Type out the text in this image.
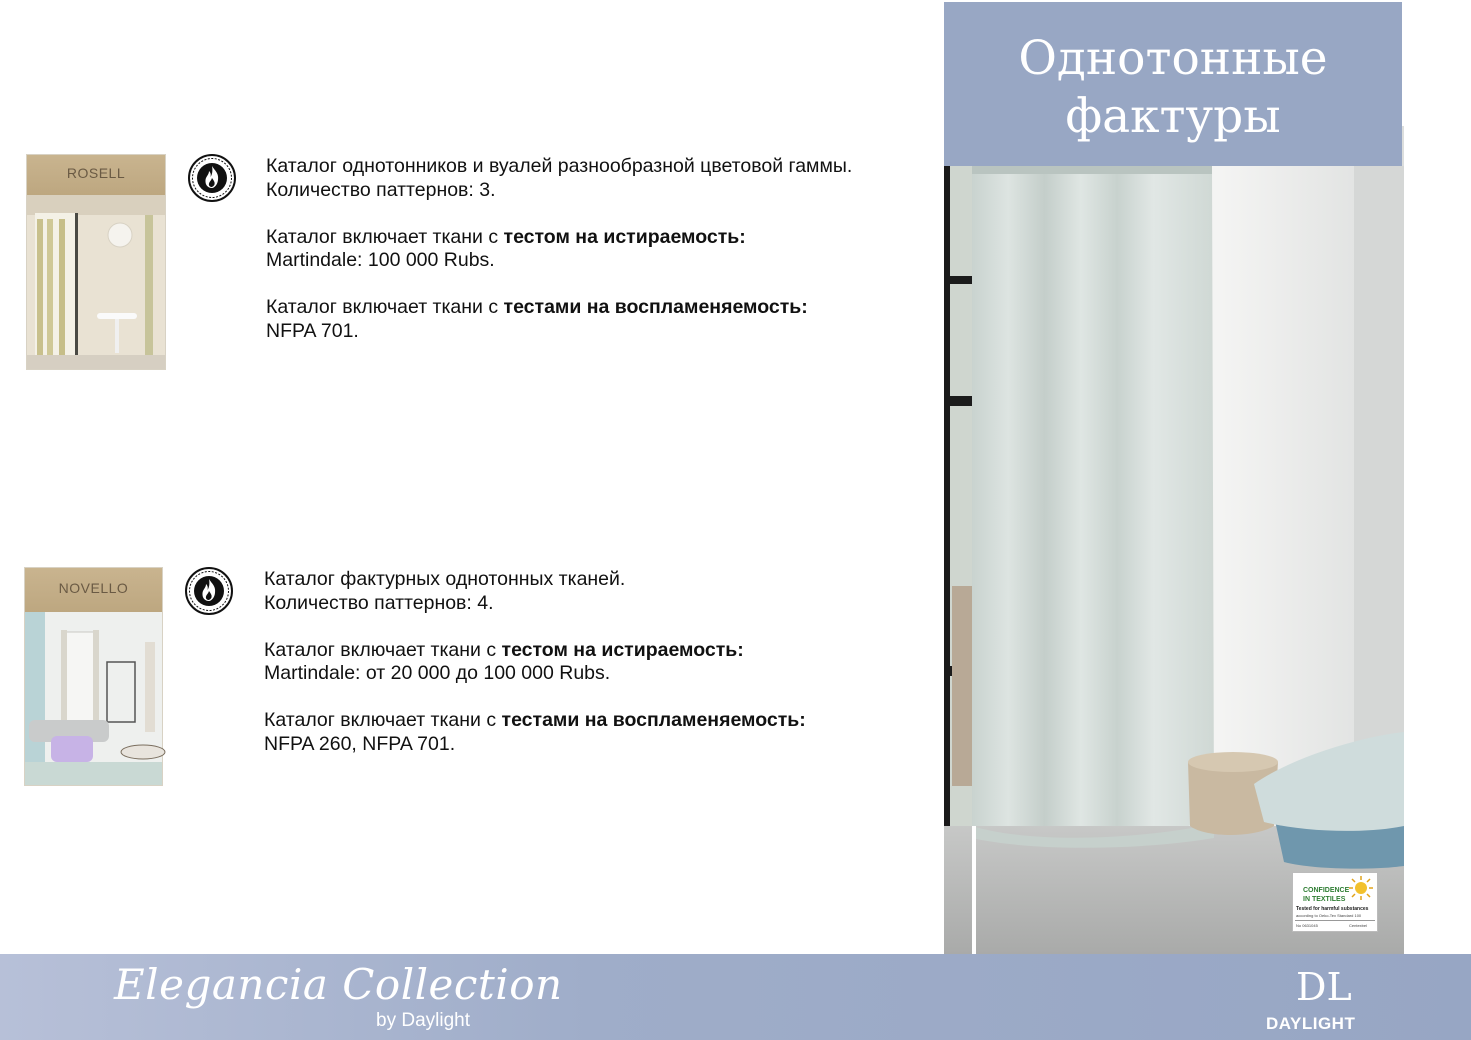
ROSELL	Каталог однотонников и вуалей разнообразной цветовой гаммы.

Количество паттернов: 3.

Каталог включает ткани с тестом на истираемость:

Martindale: 100 000 Rubs.

Каталог включает ткани с тестами на воспламеняемость:

NFPA 701.

NOVELLO	Каталог фактурных однотонных тканей.

Количество паттернов: 4.

Каталог включает ткани с тестом на истираемость:

Martindale: от 20 000 до 100 000 Rubs.

Каталог включает ткани с тестами на воспламеняемость:

NFPA 260, NFPA 701.

Однотонные
фактуры
CONFIDENCE
IN TEXTILES
Tested for harmful substances
according to Oeko-Tex Standard 100
No 0631045	Centexbel
Elegancia Collection
by Daylight
DL
DAYLIGHT
